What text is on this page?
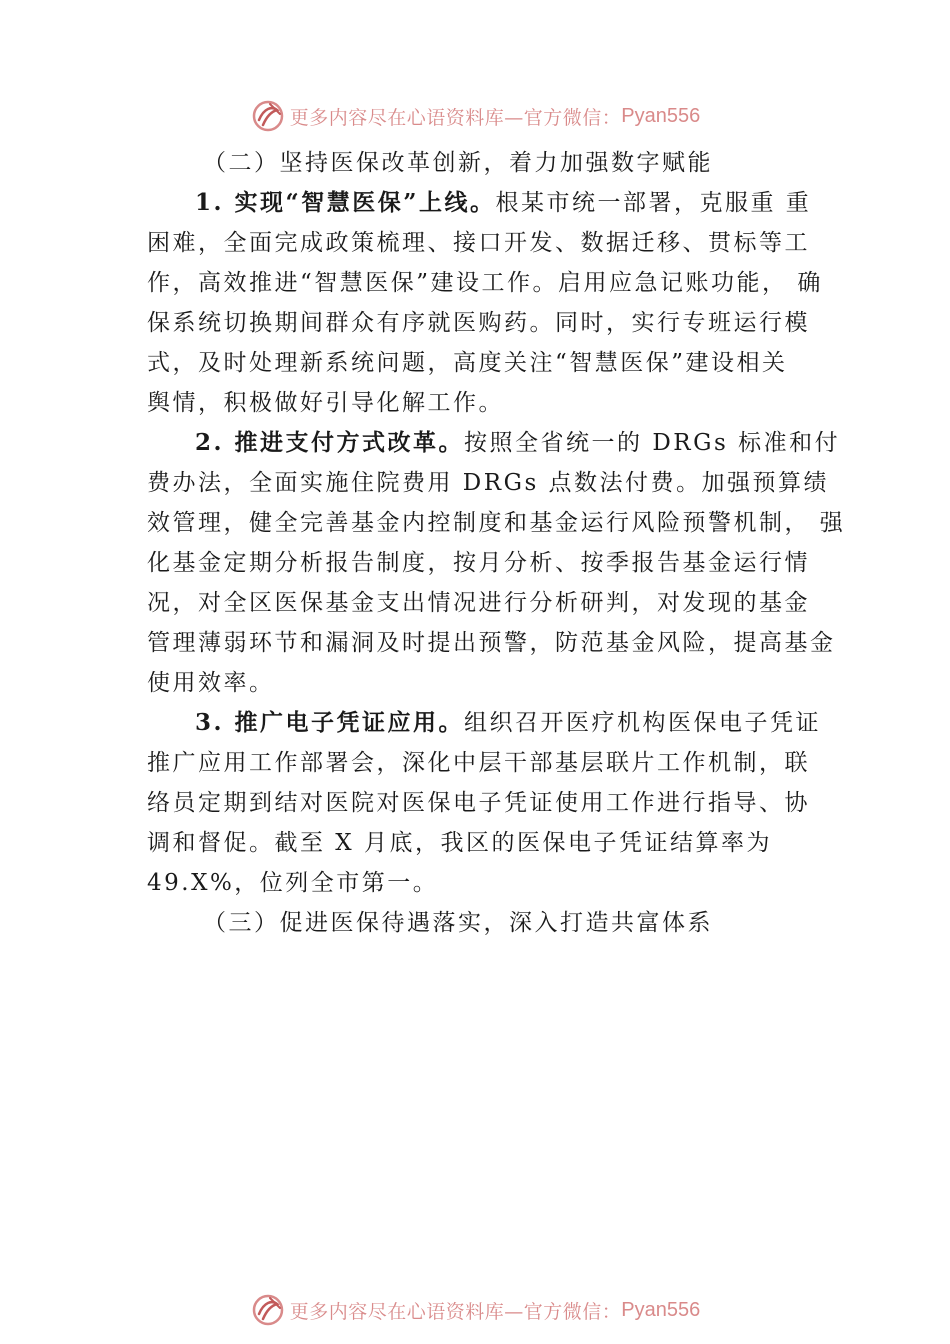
更多内容尽在心语资料库—官方微信： Pyan556
（二）坚持医保改革创新，着力加强数字赋能
1. 实现“智慧医保”上线。根某市统一部署，克服重 重
困难，全面完成政策梳理、接口开发、数据迁移、贯标等工
作，高效推进“智慧医保”建设工作。启用应急记账功能， 确
保系统切换期间群众有序就医购药。同时，实行专班运行模
式，及时处理新系统问题，高度关注“智慧医保”建设相关
舆情，积极做好引导化解工作。
2. 推进支付方式改革。按照全省统一的 DRGs 标准和付
费办法，全面实施住院费用 DRGs 点数法付费。加强预算绩
效管理，健全完善基金内控制度和基金运行风险预警机制， 强
化基金定期分析报告制度，按月分析、按季报告基金运行情
况，对全区医保基金支出情况进行分析研判，对发现的基金
管理薄弱环节和漏洞及时提出预警，防范基金风险，提高基金
使用效率。
3. 推广电子凭证应用。组织召开医疗机构医保电子凭证
推广应用工作部署会，深化中层干部基层联片工作机制，联
络员定期到结对医院对医保电子凭证使用工作进行指导、协
调和督促。截至 X 月底，我区的医保电子凭证结算率为
49.X%，位列全市第一。
（三）促进医保待遇落实，深入打造共富体系
更多内容尽在心语资料库—官方微信： Pyan556
